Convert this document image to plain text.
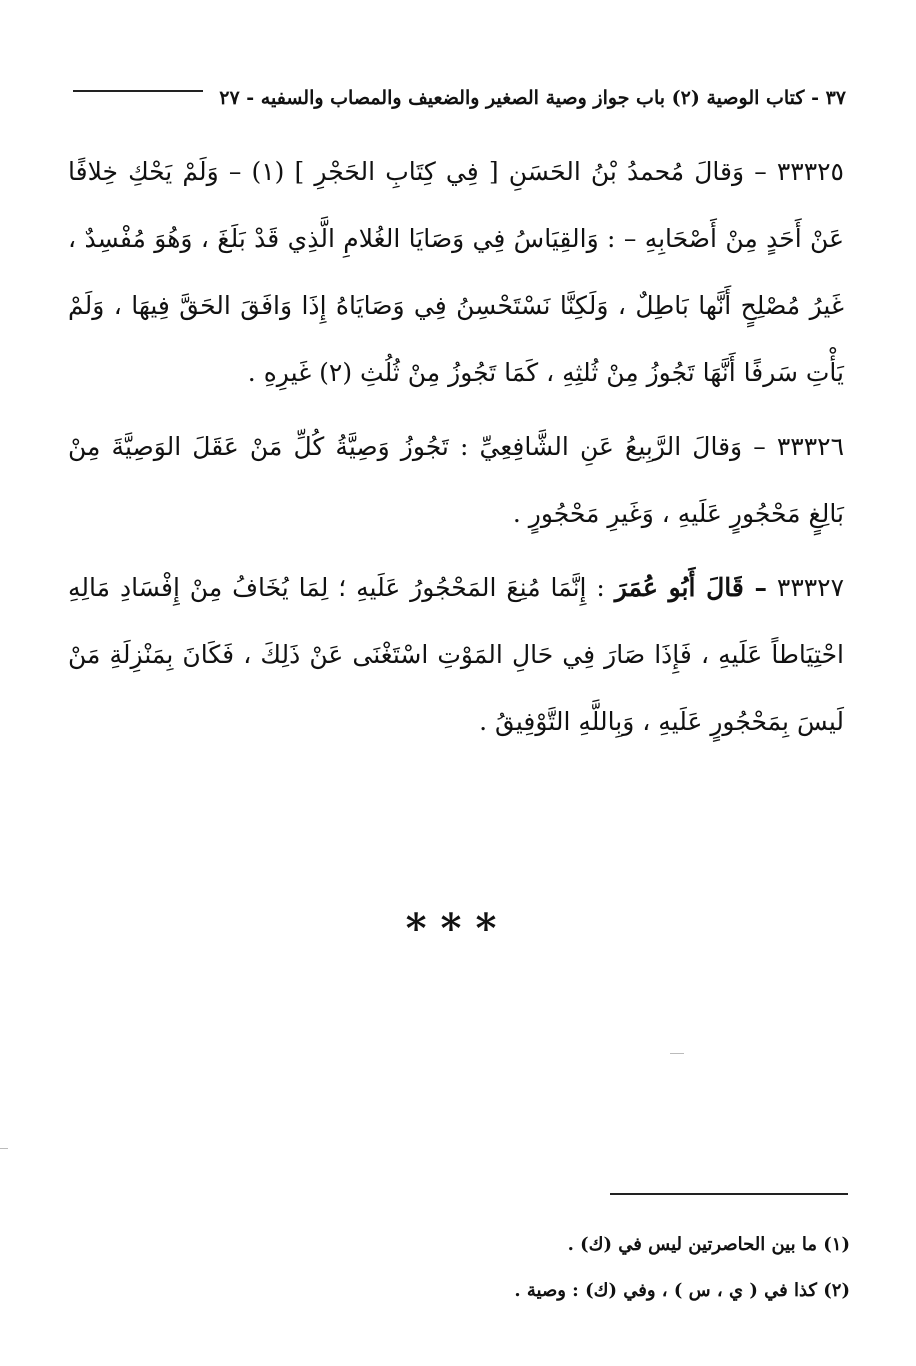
٣٧ - كتاب الوصية (٢) باب جواز وصية الصغير والضعيف والمصاب والسفيه - ٢٧

٣٣٣٢٥ – وَقالَ مُحمدُ بْنُ الحَسَنِ [ فِي كِتَابِ الحَجْرِ ] (١) – وَلَمْ يَحْكِ خِلافًا عَنْ أَحَدٍ مِنْ أَصْحَابِهِ – : وَالقِيَاسُ فِي وَصَايَا الغُلامِ الَّذِي قَدْ بَلَغَ ، وَهُوَ مُفْسِدٌ ، غَيرُ مُصْلِحٍ أَنَّها بَاطِلٌ ، وَلَكِنَّا نَسْتَحْسِنُ فِي وَصَايَاهُ إِذَا وَافَقَ الحَقَّ فِيهَا ، وَلَمْ يَأْتِ سَرفًا أَنَّهَا تَجُوزُ مِنْ ثُلثِهِ ، كَمَا تَجُوزُ مِنْ ثُلُثِ (٢) غَيرِهِ .

٣٣٣٢٦ – وَقالَ الرَّبِيعُ عَنِ الشَّافِعِيِّ : تَجُوزُ وَصِيَّةُ كُلِّ مَنْ عَقَلَ الوَصِيَّةَ مِنْ بَالِغٍ مَحْجُورٍ عَلَيهِ ، وَغَيرِ مَحْجُورٍ .

٣٣٣٢٧ – قَالَ أَبُو عُمَرَ : إِنَّمَا مُنِعَ المَحْجُورُ عَلَيهِ ؛ لِمَا يُخَافُ مِنْ إِفْسَادِ مَالِهِ احْتِيَاطاً عَلَيهِ ، فَإِذَا صَارَ فِي حَالِ المَوْتِ اسْتَغْنَى عَنْ ذَلِكَ ، فَكَانَ بِمَنْزِلَةِ مَنْ لَيسَ بِمَحْجُورٍ عَلَيهِ ، وَبِاللَّهِ التَّوْفِيقُ .

***

(١) ما بين الحاصرتين ليس في (ك) .

(٢) كذا في ( ي ، س ) ، وفي (ك) : وصية .
